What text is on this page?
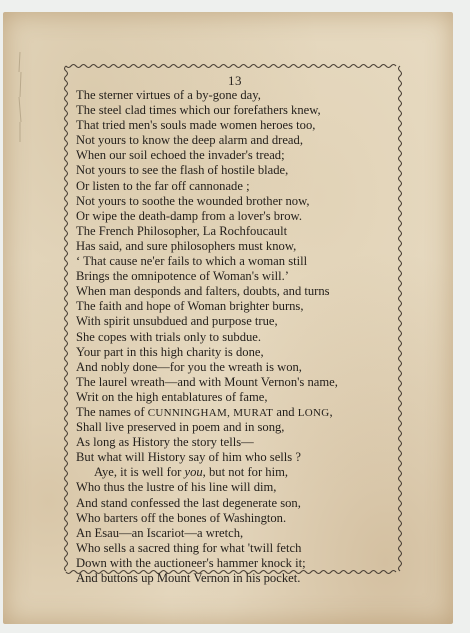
13
The sterner virtues of a by-gone day,
The steel clad times which our forefathers knew,
That tried men's souls made women heroes too,
Not yours to know the deep alarm and dread,
When our soil echoed the invader's tread;
Not yours to see the flash of hostile blade,
Or listen to the far off cannonade ;
Not yours to soothe the wounded brother now,
Or wipe the death-damp from a lover's brow.
The French Philosopher, La Rochfoucault
Has said, and sure philosophers must know,
‘ That cause ne'er fails to which a woman still
Brings the omnipotence of Woman's will.’
When man desponds and falters, doubts, and turns
The faith and hope of Woman brighter burns,
With spirit unsubdued and purpose true,
She copes with trials only to subdue.
Your part in this high charity is done,
And nobly done—for you the wreath is won,
The laurel wreath—and with Mount Vernon's name,
Writ on the high entablatures of fame,
The names of CUNNINGHAM, MURAT and LONG,
Shall live preserved in poem and in song,
As long as History the story tells—
But what will History say of him who sells ?
Aye, it is well for you, but not for him,
Who thus the lustre of his line will dim,
And stand confessed the last degenerate son,
Who barters off the bones of Washington.
An Esau—an Iscariot—a wretch,
Who sells a sacred thing for what 'twill fetch
Down with the auctioneer's hammer knock it;
And buttons up Mount Vernon in his pocket.
